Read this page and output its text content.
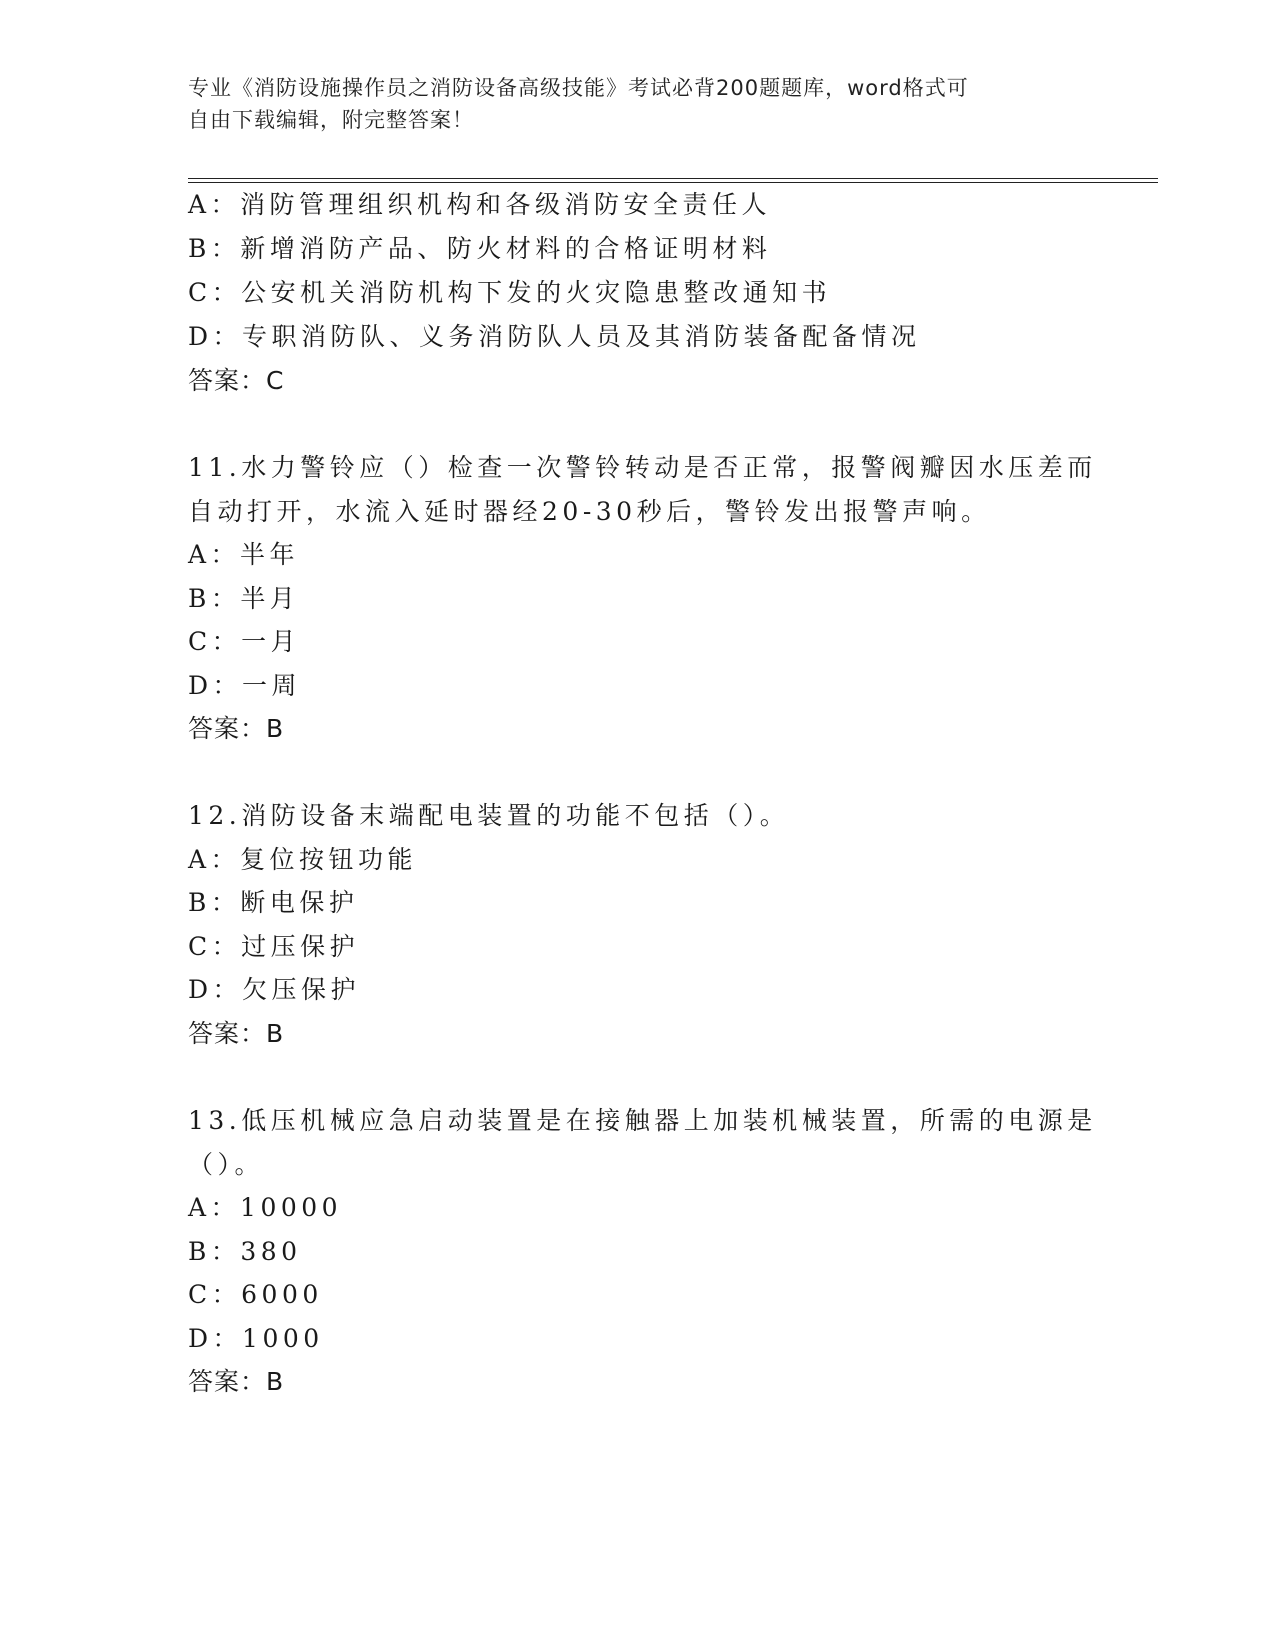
专业《消防设施操作员之消防设备高级技能》考试必背200题题库，word格式可
自由下载编辑，附完整答案！
A：消防管理组织机构和各级消防安全责任人
B：新增消防产品、防火材料的合格证明材料
C：公安机关消防机构下发的火灾隐患整改通知书
D：专职消防队、义务消防队人员及其消防装备配备情况
答案：C
11.水力警铃应（）检查一次警铃转动是否正常，报警阀瓣因水压差而
自动打开，水流入延时器经20-30秒后，警铃发出报警声响。
A：半年
B：半月
C：一月
D：一周
答案：B
12.消防设备末端配电装置的功能不包括（）。
A：复位按钮功能
B：断电保护
C：过压保护
D：欠压保护
答案：B
13.低压机械应急启动装置是在接触器上加装机械装置，所需的电源是
（）。
A：10000
B：380
C：6000
D：1000
答案：B
